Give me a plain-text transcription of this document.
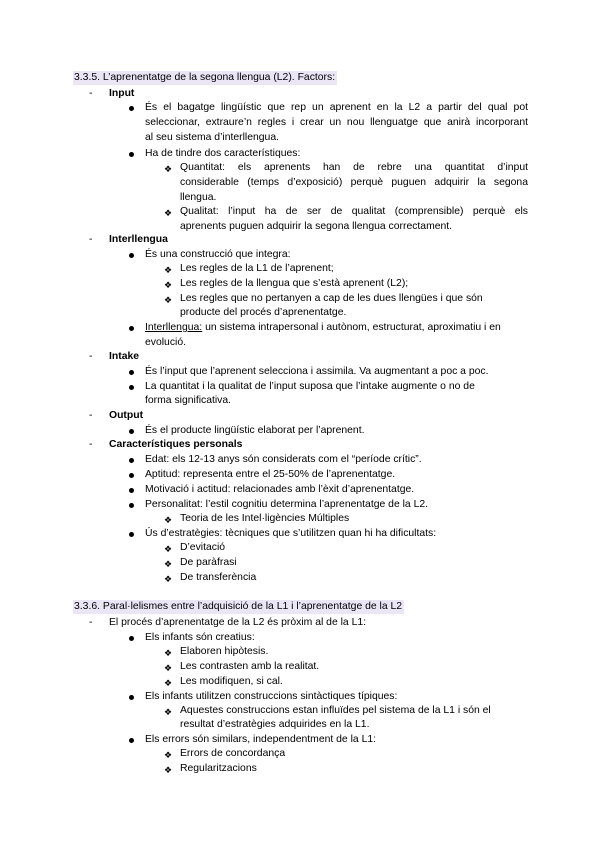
3.3.5. L’aprenentatge de la segona llengua (L2). Factors:
-	Input
És el bagatge lingüístic que rep un aprenent en la L2 a partir del qual pot
seleccionar, extraure’n regles i crear un nou llenguatge que anirà incorporant
al seu sistema d’interllengua.
Ha de tindre dos característiques:
❖ Quantitat: els aprenents han de rebre una quantitat d’input
considerable (temps d’exposició) perquè puguen adquirir la segona
llengua.
❖ Qualitat: l’input ha de ser de qualitat (comprensible) perquè els
aprenents puguen adquirir la segona llengua correctament.
-	Interllengua
És una construcció que integra:
❖ Les regles de la L1 de l’aprenent;
❖ Les regles de la llengua que s’està aprenent (L2);
❖ Les regles que no pertanyen a cap de les dues llengües i que són
producte del procés d’aprenentatge.
Interllengua: un sistema intrapersonal i autònom, estructurat, aproximatiu i en
evolució.
-	Intake
És l’input que l’aprenent selecciona i assimila. Va augmentant a poc a poc.
La quantitat i la qualitat de l’input suposa que l’intake augmente o no de
forma significativa.
-	Output
És el producte lingüístic elaborat per l’aprenent.
-	Característiques personals
Edat: els 12-13 anys són considerats com el “període crític”.
Aptitud: representa entre el 25-50% de l’aprenentatge.
Motivació i actitud: relacionades amb l’èxit d’aprenentatge.
Personalitat: l’estil cognitiu determina l’aprenentatge de la L2.
❖ Teoria de les Intel·ligències Múltiples
Ús d’estratègies: tècniques que s’utilitzen quan hi ha dificultats:
❖ D’evitació
❖ De paràfrasi
❖ De transferència
3.3.6. Paral·lelismes entre l’adquisició de la L1 i l’aprenentatge de la L2
-	El procés d’aprenentatge de la L2 és pròxim al de la L1:
Els infants són creatius:
❖ Elaboren hipòtesis.
❖ Les contrasten amb la realitat.
❖ Les modifiquen, si cal.
Els infants utilitzen construccions sintàctiques típiques:
❖ Aquestes construccions estan influïdes pel sistema de la L1 i són el
resultat d’estratègies adquirides en la L1.
Els errors són similars, independentment de la L1:
❖ Errors de concordança
❖ Regularitzacions
